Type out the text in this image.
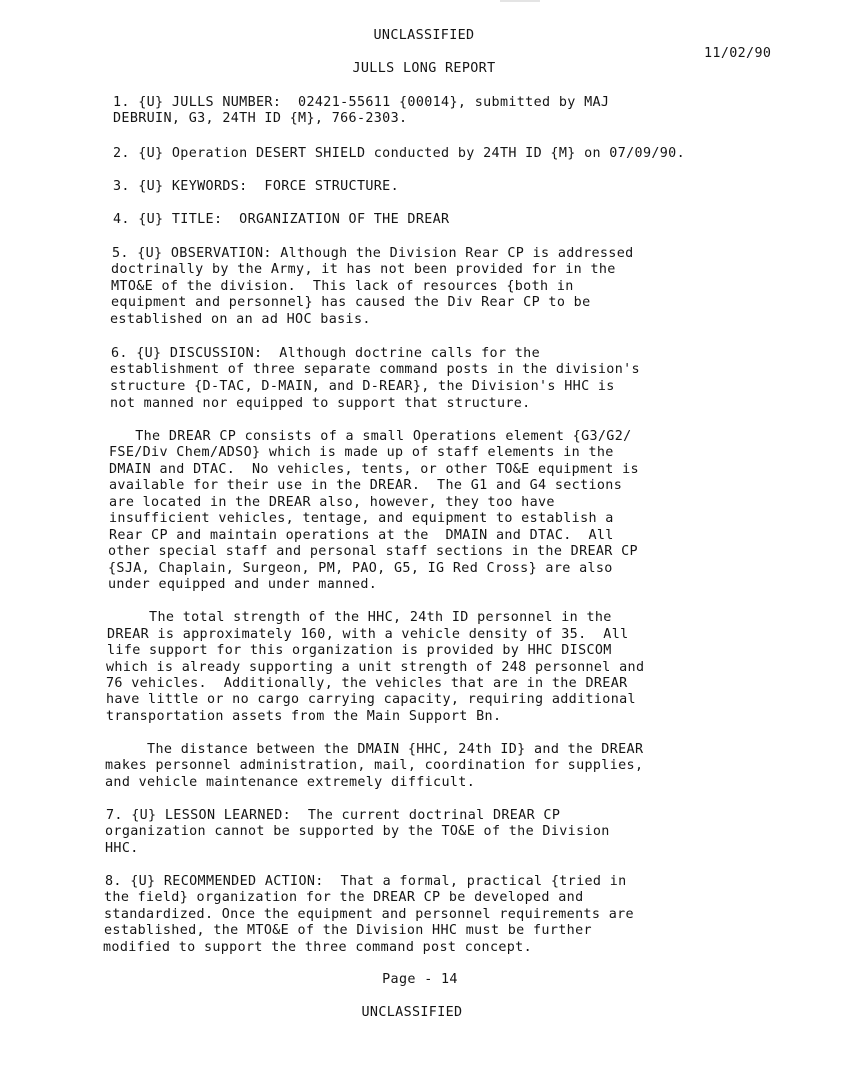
UNCLASSIFIED
11/02/90
JULLS LONG REPORT
1. {U} JULLS NUMBER:  02421-55611 {00014}, submitted by MAJ
DEBRUIN, G3, 24TH ID {M}, 766-2303.
2. {U} Operation DESERT SHIELD conducted by 24TH ID {M} on 07/09/90.
3. {U} KEYWORDS:  FORCE STRUCTURE.
4. {U} TITLE:  ORGANIZATION OF THE DREAR
5. {U} OBSERVATION: Although the Division Rear CP is addressed
doctrinally by the Army, it has not been provided for in the
MTO&E of the division.  This lack of resources {both in
equipment and personnel} has caused the Div Rear CP to be
established on an ad HOC basis.
6. {U} DISCUSSION:  Although doctrine calls for the
establishment of three separate command posts in the division's
structure {D-TAC, D-MAIN, and D-REAR}, the Division's HHC is
not manned nor equipped to support that structure.
The DREAR CP consists of a small Operations element {G3/G2/
FSE/Div Chem/ADSO} which is made up of staff elements in the
DMAIN and DTAC.  No vehicles, tents, or other TO&E equipment is
available for their use in the DREAR.  The G1 and G4 sections
are located in the DREAR also, however, they too have
insufficient vehicles, tentage, and equipment to establish a
Rear CP and maintain operations at the  DMAIN and DTAC.  All
other special staff and personal staff sections in the DREAR CP
{SJA, Chaplain, Surgeon, PM, PAO, G5, IG Red Cross} are also
under equipped and under manned.
The total strength of the HHC, 24th ID personnel in the
DREAR is approximately 160, with a vehicle density of 35.  All
life support for this organization is provided by HHC DISCOM
which is already supporting a unit strength of 248 personnel and
76 vehicles.  Additionally, the vehicles that are in the DREAR
have little or no cargo carrying capacity, requiring additional
transportation assets from the Main Support Bn.
The distance between the DMAIN {HHC, 24th ID} and the DREAR
makes personnel administration, mail, coordination for supplies,
and vehicle maintenance extremely difficult.
7. {U} LESSON LEARNED:  The current doctrinal DREAR CP
organization cannot be supported by the TO&E of the Division
HHC.
8. {U} RECOMMENDED ACTION:  That a formal, practical {tried in
the field} organization for the DREAR CP be developed and
standardized. Once the equipment and personnel requirements are
established, the MTO&E of the Division HHC must be further
modified to support the three command post concept.
Page - 14
UNCLASSIFIED
